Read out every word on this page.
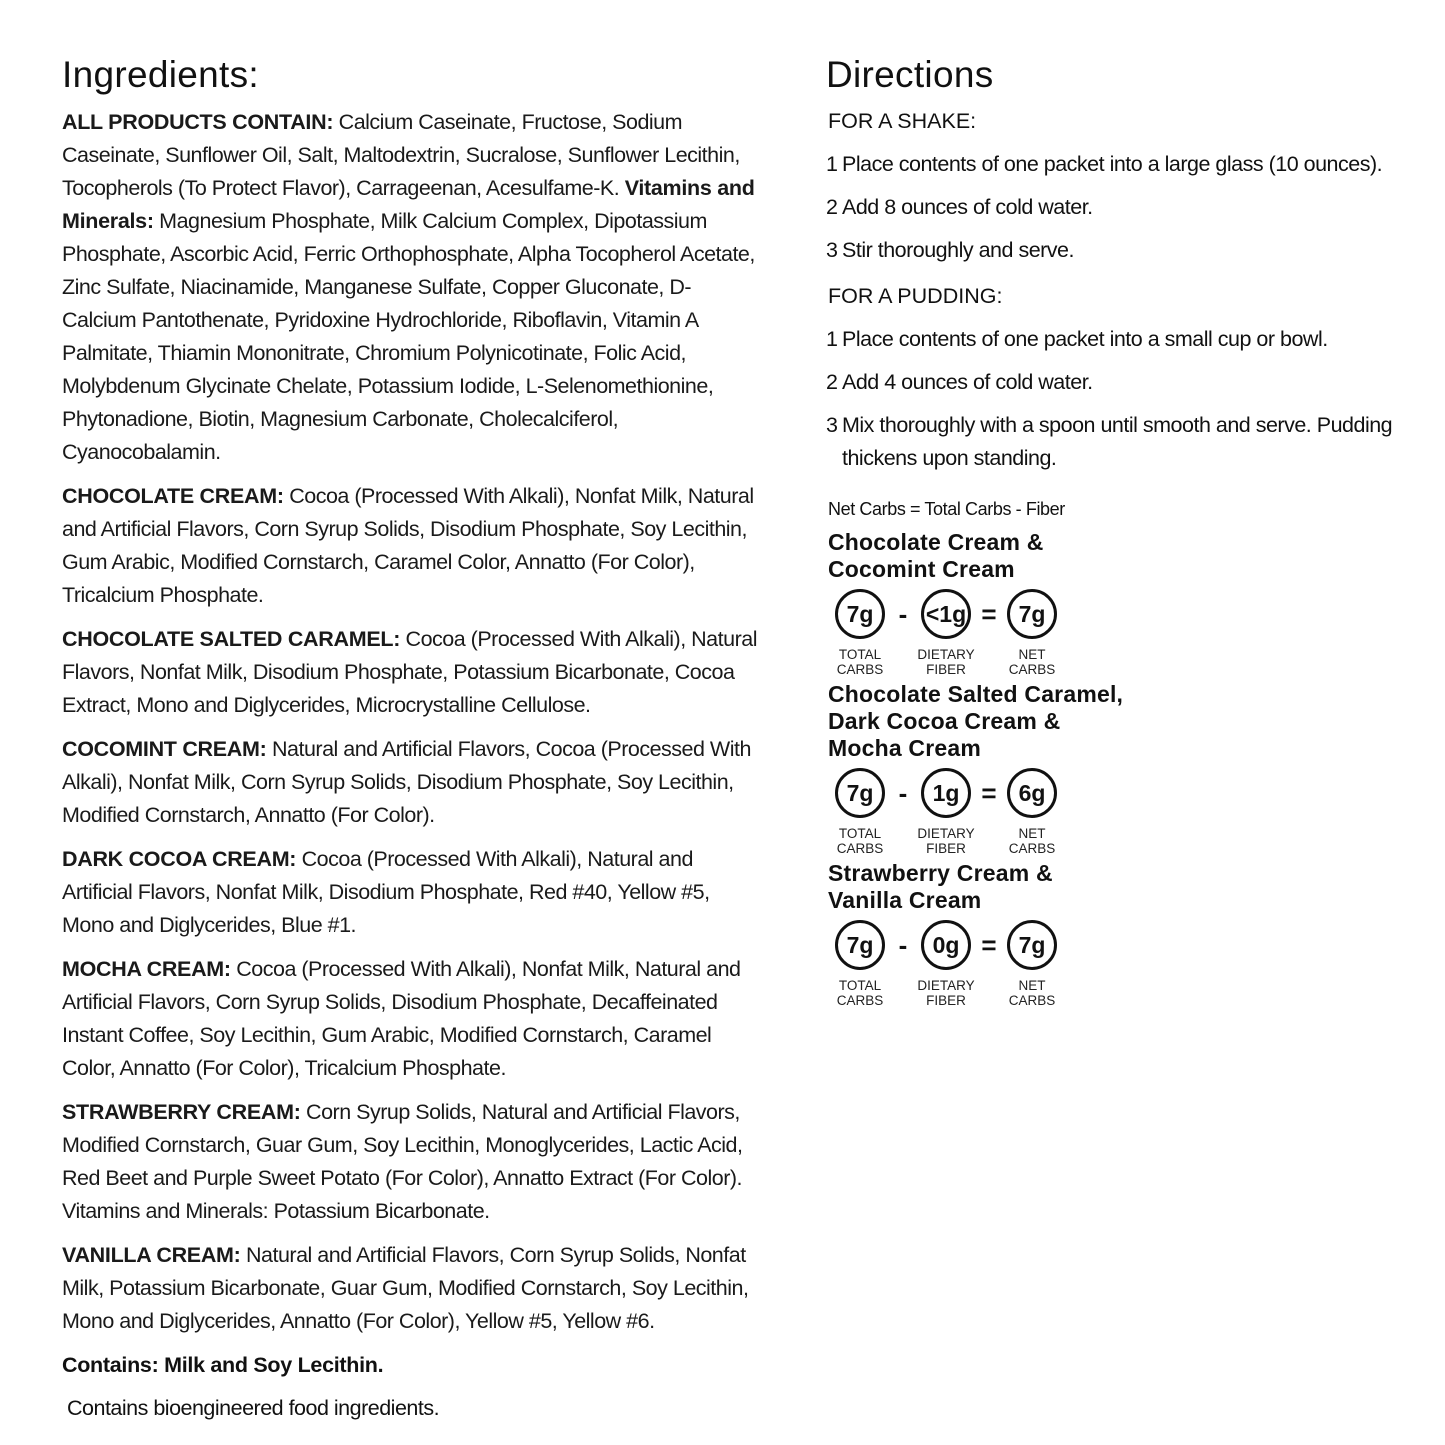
Ingredients:

ALL PRODUCTS CONTAIN: Calcium Caseinate, Fructose, Sodium Caseinate, Sunflower Oil, Salt, Maltodextrin, Sucralose, Sunflower Lecithin, Tocopherols (To Protect Flavor), Carrageenan, Acesulfame-K. Vitamins and Minerals: Magnesium Phosphate, Milk Calcium Complex, Dipotassium Phosphate, Ascorbic Acid, Ferric Orthophosphate, Alpha Tocopherol Acetate, Zinc Sulfate, Niacinamide, Manganese Sulfate, Copper Gluconate, D-Calcium Pantothenate, Pyridoxine Hydrochloride, Riboflavin, Vitamin A Palmitate, Thiamin Mononitrate, Chromium Polynicotinate, Folic Acid, Molybdenum Glycinate Chelate, Potassium Iodide, L-Selenomethionine, Phytonadione, Biotin, Magnesium Carbonate, Cholecalciferol, Cyanocobalamin.

CHOCOLATE CREAM: Cocoa (Processed With Alkali), Nonfat Milk, Natural and Artificial Flavors, Corn Syrup Solids, Disodium Phosphate, Soy Lecithin, Gum Arabic, Modified Cornstarch, Caramel Color, Annatto (For Color), Tricalcium Phosphate.

CHOCOLATE SALTED CARAMEL: Cocoa (Processed With Alkali), Natural Flavors, Nonfat Milk, Disodium Phosphate, Potassium Bicarbonate, Cocoa Extract, Mono and Diglycerides, Microcrystalline Cellulose.

COCOMINT CREAM: Natural and Artificial Flavors, Cocoa (Processed With Alkali), Nonfat Milk, Corn Syrup Solids, Disodium Phosphate, Soy Lecithin, Modified Cornstarch, Annatto (For Color).

DARK COCOA CREAM: Cocoa (Processed With Alkali), Natural and Artificial Flavors, Nonfat Milk, Disodium Phosphate, Red #40, Yellow #5, Mono and Diglycerides, Blue #1.

MOCHA CREAM: Cocoa (Processed With Alkali), Nonfat Milk, Natural and Artificial Flavors, Corn Syrup Solids, Disodium Phosphate, Decaffeinated Instant Coffee, Soy Lecithin, Gum Arabic, Modified Cornstarch, Caramel Color, Annatto (For Color), Tricalcium Phosphate.

STRAWBERRY CREAM: Corn Syrup Solids, Natural and Artificial Flavors, Modified Cornstarch, Guar Gum, Soy Lecithin, Monoglycerides, Lactic Acid, Red Beet and Purple Sweet Potato (For Color), Annatto Extract (For Color). Vitamins and Minerals: Potassium Bicarbonate.

VANILLA CREAM: Natural and Artificial Flavors, Corn Syrup Solids, Nonfat Milk, Potassium Bicarbonate, Guar Gum, Modified Cornstarch, Soy Lecithin, Mono and Diglycerides, Annatto (For Color), Yellow #5, Yellow #6.

Contains: Milk and Soy Lecithin.

Contains bioengineered food ingredients.

Directions
FOR A SHAKE:
1 Place contents of one packet into a large glass (10 ounces).
2 Add 8 ounces of cold water.
3 Stir thoroughly and serve.
FOR A PUDDING:
1 Place contents of one packet into a small cup or bowl.
2 Add 4 ounces of cold water.
3 Mix thoroughly with a spoon until smooth and serve. Pudding thickens upon standing.
Net Carbs = Total Carbs - Fiber
Chocolate Cream &
Cocomint Cream
7g
TOTAL
CARBS
- <1g
DIETARY
FIBER
= 7g
NET
CARBS
Chocolate Salted Caramel,
Dark Cocoa Cream &
Mocha Cream
7g
TOTAL
CARBS
-	1g
DIETARY
FIBER
= 6g
NET
CARBS
Strawberry Cream &
Vanilla Cream
7g
TOTAL
CARBS
-	0g
DIETARY
FIBER
= 7g
NET
CARBS
